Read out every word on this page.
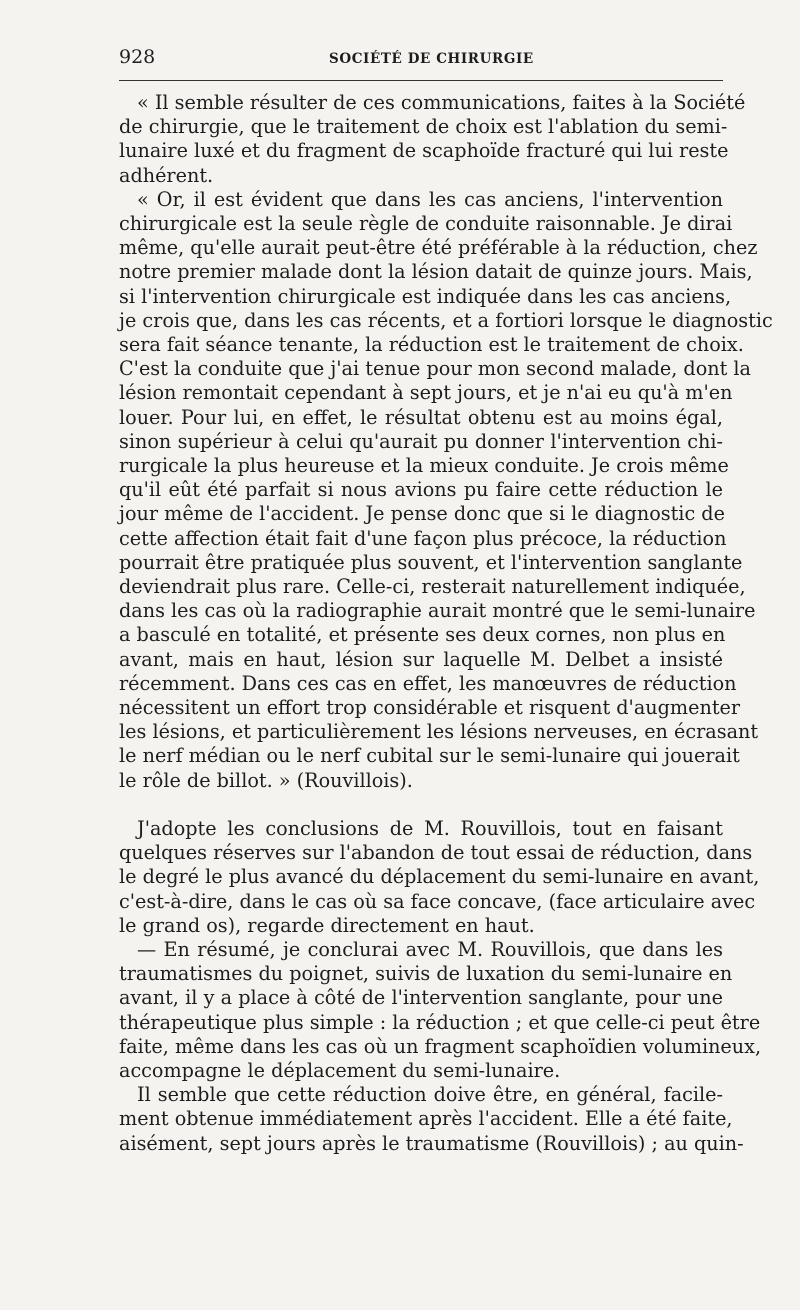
928	SOCIÉTÉ DE CHIRURGIE

« Il semble résulter de ces communications, faites à la Société
de chirurgie, que le traitement de choix est l'ablation du semi-
lunaire luxé et du fragment de scaphoïde fracturé qui lui reste
adhérent.

« Or, il est évident que dans les cas anciens, l'intervention
chirurgicale est la seule règle de conduite raisonnable. Je dirai
même, qu'elle aurait peut-être été préférable à la réduction, chez
notre premier malade dont la lésion datait de quinze jours. Mais,
si l'intervention chirurgicale est indiquée dans les cas anciens,
je crois que, dans les cas récents, et a fortiori lorsque le diagnostic
sera fait séance tenante, la réduction est le traitement de choix.
C'est la conduite que j'ai tenue pour mon second malade, dont la
lésion remontait cependant à sept jours, et je n'ai eu qu'à m'en
louer. Pour lui, en effet, le résultat obtenu est au moins égal,
sinon supérieur à celui qu'aurait pu donner l'intervention chi-
rurgicale la plus heureuse et la mieux conduite. Je crois même
qu'il eût été parfait si nous avions pu faire cette réduction le
jour même de l'accident. Je pense donc que si le diagnostic de
cette affection était fait d'une façon plus précoce, la réduction
pourrait être pratiquée plus souvent, et l'intervention sanglante
deviendrait plus rare. Celle-ci, resterait naturellement indiquée,
dans les cas où la radiographie aurait montré que le semi-lunaire
a basculé en totalité, et présente ses deux cornes, non plus en
avant, mais en haut, lésion sur laquelle M. Delbet a insisté
récemment. Dans ces cas en effet, les manœuvres de réduction
nécessitent un effort trop considérable et risquent d'augmenter
les lésions, et particulièrement les lésions nerveuses, en écrasant
le nerf médian ou le nerf cubital sur le semi-lunaire qui jouerait
le rôle de billot. » (Rouvillois).

J'adopte les conclusions de M. Rouvillois, tout en faisant
quelques réserves sur l'abandon de tout essai de réduction, dans
le degré le plus avancé du déplacement du semi-lunaire en avant,
c'est-à-dire, dans le cas où sa face concave, (face articulaire avec
le grand os), regarde directement en haut.

— En résumé, je conclurai avec M. Rouvillois, que dans les
traumatismes du poignet, suivis de luxation du semi-lunaire en
avant, il y a place à côté de l'intervention sanglante, pour une
thérapeutique plus simple : la réduction ; et que celle-ci peut être
faite, même dans les cas où un fragment scaphoïdien volumineux,
accompagne le déplacement du semi-lunaire.

Il semble que cette réduction doive être, en général, facile-
ment obtenue immédiatement après l'accident. Elle a été faite,
aisément, sept jours après le traumatisme (Rouvillois) ; au quin-
